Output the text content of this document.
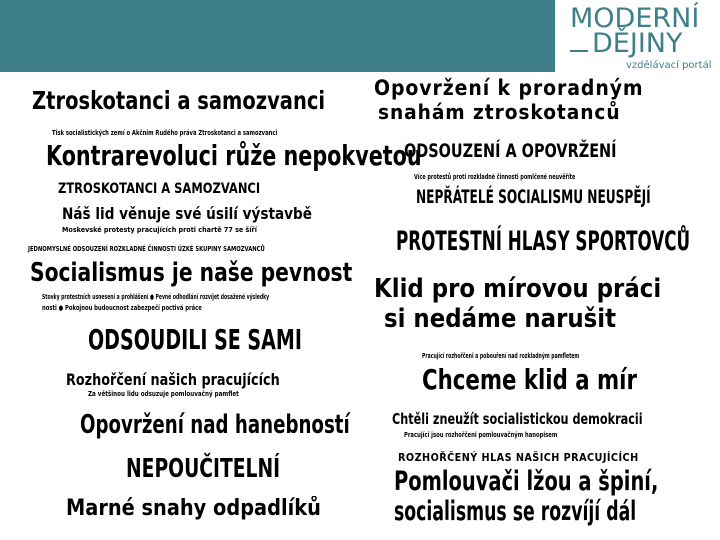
MODERNÍ
DĚJINY
vzdělávací portál
Ztroskotanci a samozvanci
Tisk socialistických zemí o Akčním Rudého práva Ztroskotanci a samozvanci
Kontrarevoluci růže nepokvetou
ZTROSKOTANCI A SAMOZVANCI
Náš lid věnuje své úsilí výstavbě
Moskevské protesty pracujících proti chartě 77 se šíří
JEDNOMYSLNÉ ODSOUZENÍ ROZKLADNÉ ČINNOSTI ÚZKÉ SKUPINY SAMOZVANCŮ
Socialismus je naše pevnost
Stovky protestních usnesení a prohlášení ● Pevné odhodlání rozvíjet dosažené výsledky
nosti ● Pokojnou budoucnost zabezpečí poctivá práce
ODSOUDILI SE SAMI
Rozhořčení našich pracujících
Za většinou lidu odsuzuje pomlouvačný pamflet
Opovržení nad hanebností
NEPOUČITELNÍ
Marné snahy odpadlíků
Opovržení k proradným
snahám ztroskotanců
ODSOUZENÍ A OPOVRŽENÍ
Více protestů proti rozkladné činnosti pomlčené neuvěříte
NEPŘÁTELÉ SOCIALISMU NEUSPĚJÍ
PROTESTNÍ HLASY SPORTOVCŮ
Klid pro mírovou práci
si nedáme narušit
Pracující rozhořčeni a pobouření nad rozkladným pamfletem
Chceme klid a mír
Chtěli zneužít socialistickou demokracii
Pracující jsou rozhořčeni pomlouvačným hanopisem
ROZHOŘČENÝ HLAS NAŠICH PRACUJÍCÍCH
Pomlouvači lžou a špiní,
socialismus se rozvíjí dál
